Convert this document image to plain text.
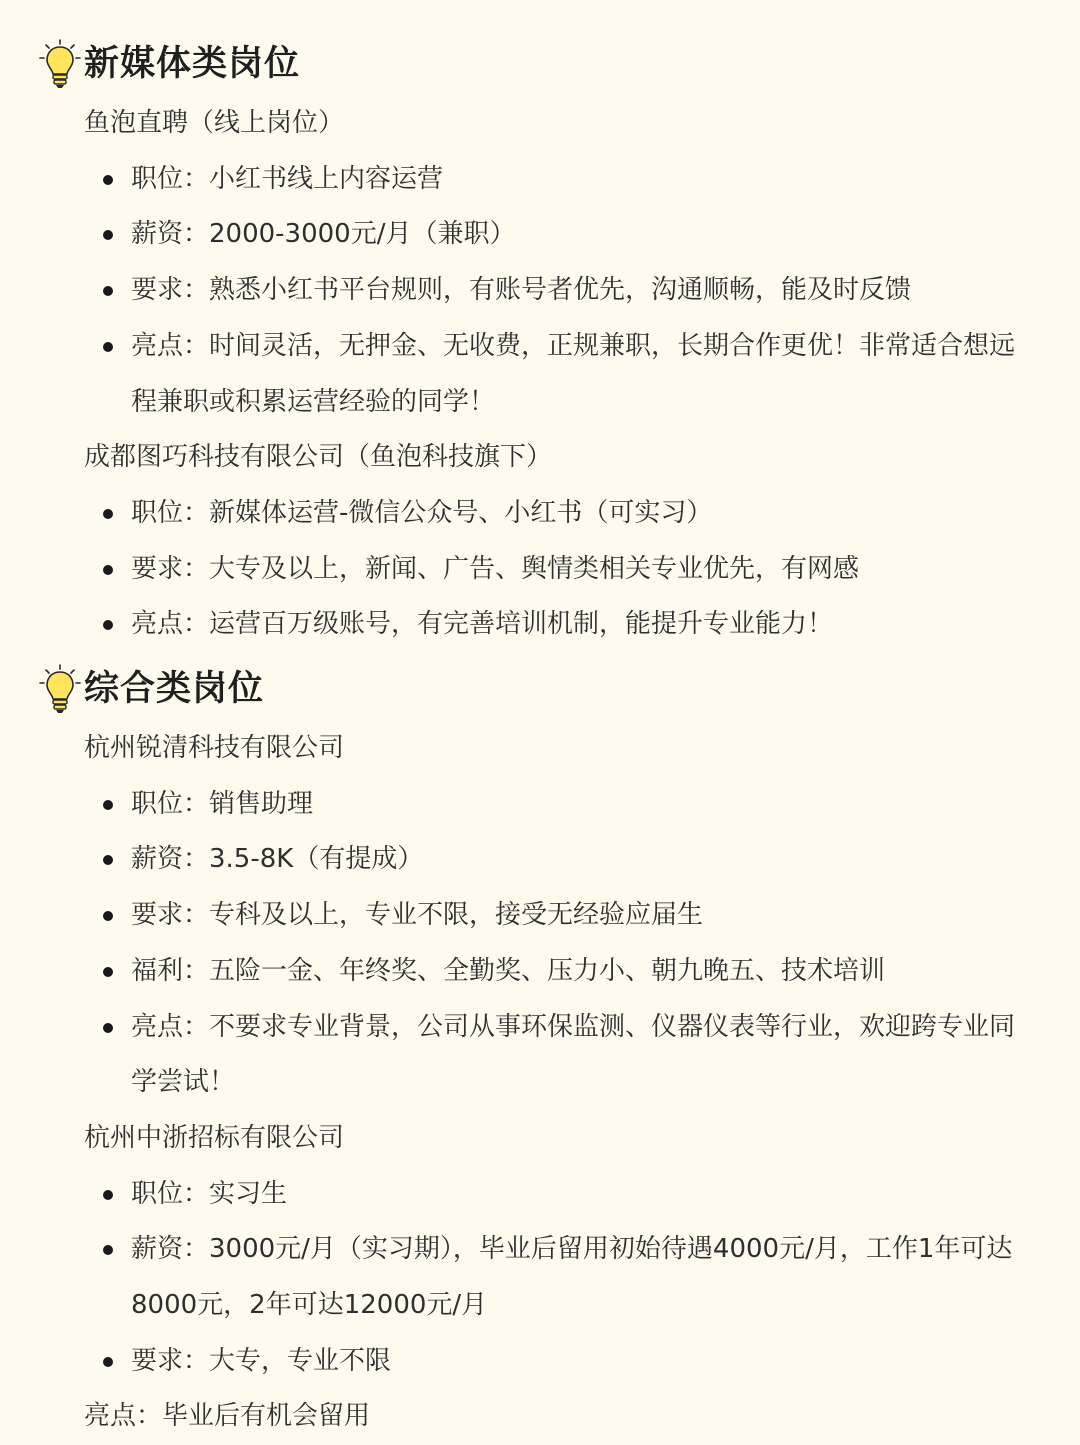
新媒体类岗位
鱼泡直聘（线上岗位）
职位：小红书线上内容运营
薪资：2000-3000元/月（兼职）
要求：熟悉小红书平台规则，有账号者优先，沟通顺畅，能及时反馈
亮点：时间灵活，无押金、无收费，正规兼职，长期合作更优！非常适合想远程兼职或积累运营经验的同学！
成都图巧科技有限公司（鱼泡科技旗下）
职位：新媒体运营-微信公众号、小红书（可实习）
要求：大专及以上，新闻、广告、舆情类相关专业优先，有网感
亮点：运营百万级账号，有完善培训机制，能提升专业能力！
综合类岗位
杭州锐清科技有限公司
职位：销售助理
薪资：3.5-8K（有提成）
要求：专科及以上，专业不限，接受无经验应届生
福利：五险一金、年终奖、全勤奖、压力小、朝九晚五、技术培训
亮点：不要求专业背景，公司从事环保监测、仪器仪表等行业，欢迎跨专业同学尝试！
杭州中浙招标有限公司
职位：实习生
薪资：3000元/月（实习期），毕业后留用初始待遇4000元/月，工作1年可达8000元，2年可达12000元/月
要求：大专，专业不限
亮点：毕业后有机会留用
